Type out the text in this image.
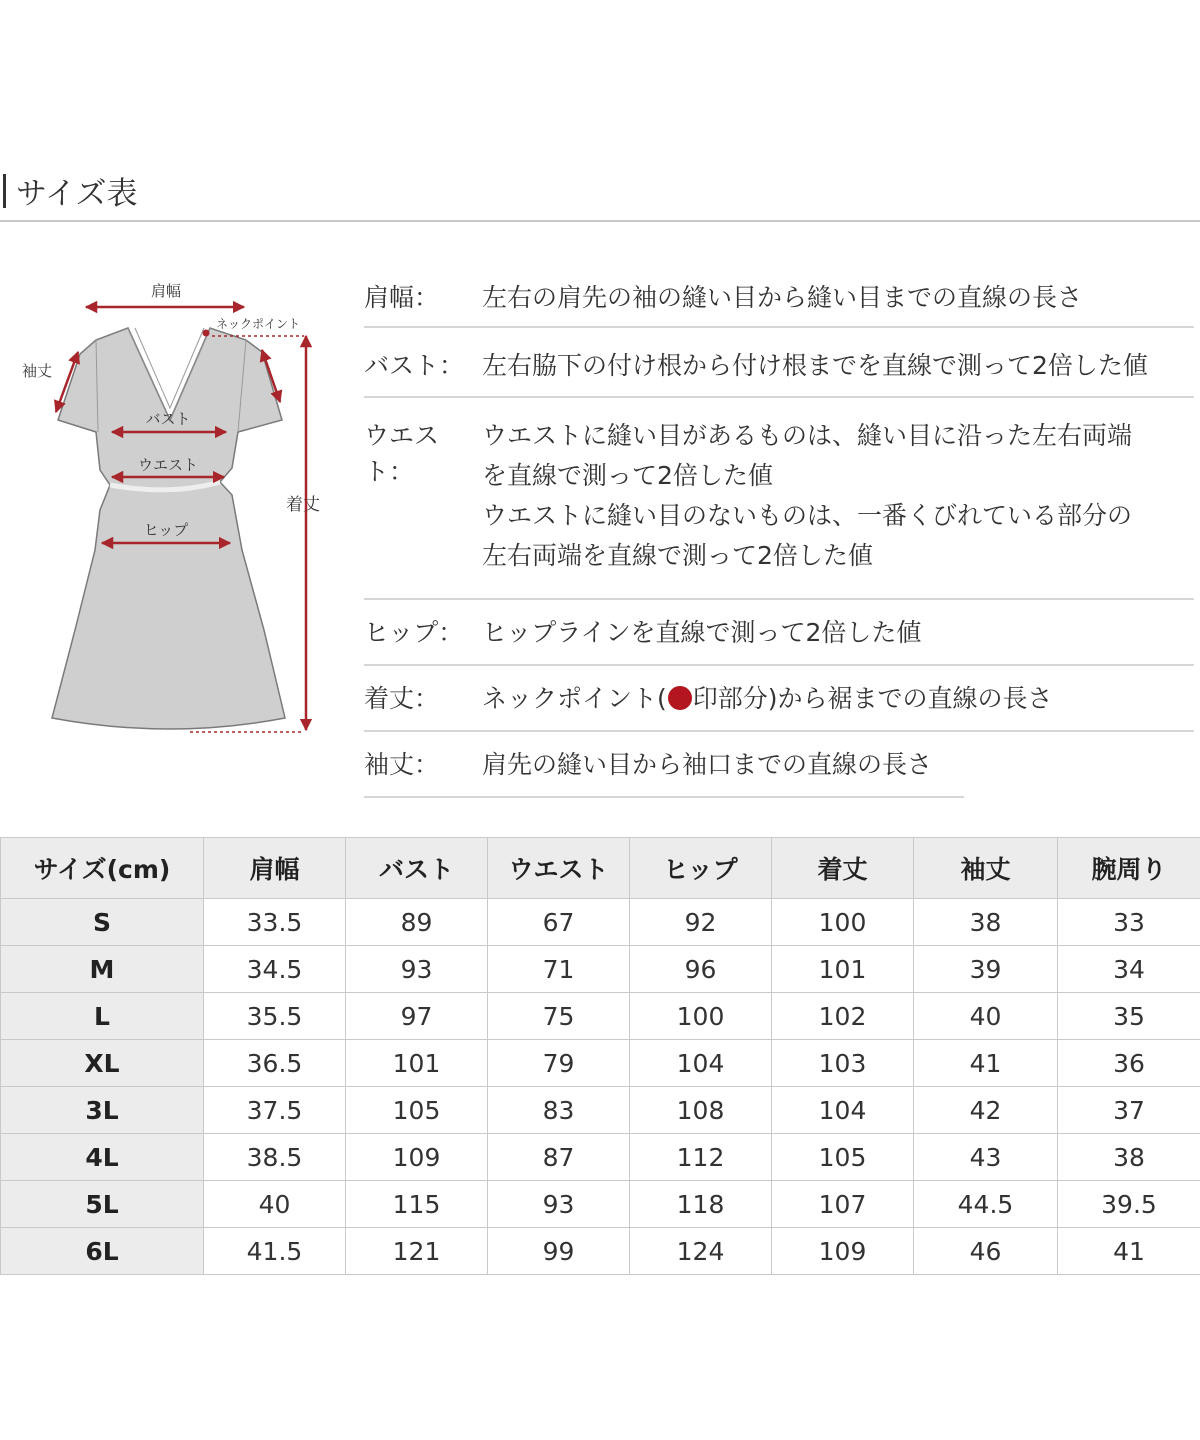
サイズ表
肩幅
ネックポイント
袖丈
バスト
ウエスト
ヒップ
着丈
肩幅：	左右の肩先の袖の縫い目から縫い目までの直線の長さ

バスト： 左右脇下の付け根から付け根までを直線で測って2倍した値

ウエスト：

ウエストに縫い目があるものは、縫い目に沿った左右両端

を直線で測って2倍した値

ウエストに縫い目のないものは、一番くびれている部分の

左右両端を直線で測って2倍した値

ヒップ： ヒップラインを直線で測って2倍した値

着丈：	ネックポイント( 印部分)から裾までの直線の長さ

袖丈：	肩先の縫い目から袖口までの直線の長さ

サイズ(cm)	肩幅	バスト	ウエスト	ヒップ	着丈	袖丈	腕周り
S	33.5	89	67	92	100	38	33
M	34.5	93	71	96	101	39	34
L	35.5	97	75	100	102	40	35
XL	36.5	101	79	104	103	41	36
3L	37.5	105	83	108	104	42	37
4L	38.5	109	87	112	105	43	38
5L	40	115	93	118	107	44.5	39.5
6L	41.5	121	99	124	109	46	41
